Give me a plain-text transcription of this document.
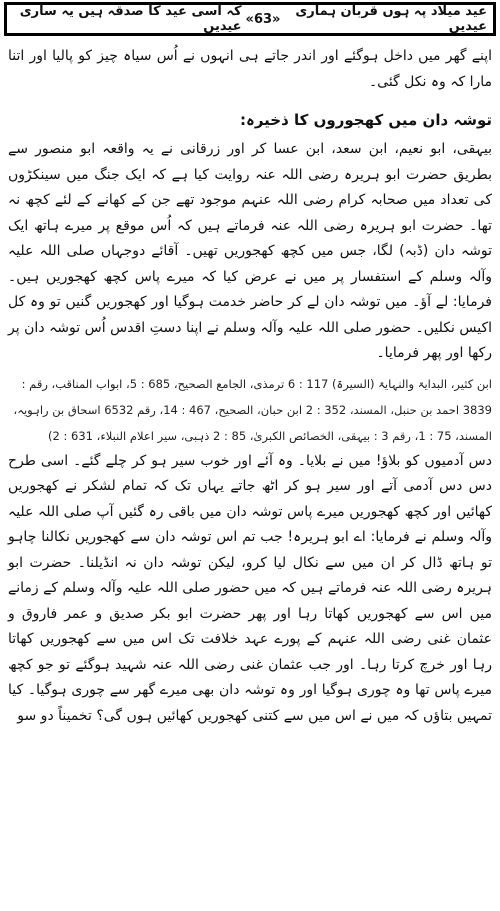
عید میلاد پہ ہوں قربان ہماری عیدیں
«63»
کہ اسی عید کا صدقہ ہیں یہ ساری عیدیں

اپنے گھر میں داخل ہوگئے اور اندر جاتے ہی انہوں نے اُس سیاہ چیز کو پالیا اور اتنا مارا کہ وہ نکل گئی۔

توشہ دان میں کھجوروں کا ذخیرہ:

بیہقی، ابو نعیم، ابن سعد، ابن عسا کر اور زرقانی نے یہ واقعہ ابو منصور سے بطریق حضرت ابو ہریرہ رضی اللہ عنہ روایت کیا ہے کہ ایک جنگ میں سینکڑوں کی تعداد میں صحابہ کرام رضی اللہ عنہم موجود تھے جن کے کھانے کے لئے کچھ نہ تھا۔ حضرت ابو ہریرہ رضی اللہ عنہ فرماتے ہیں کہ اُس موقع پر میرے ہاتھ ایک توشہ دان (ڈبہ) لگا، جس میں کچھ کھجوریں تھیں۔ آقائے دوجہاں صلی اللہ علیہ وآلہ وسلم کے استفسار پر میں نے عرض کیا کہ میرے پاس کچھ کھجوریں ہیں۔ فرمایا: لے آؤ۔ میں توشہ دان لے کر حاضر خدمت ہوگیا اور کھجوریں گنیں تو وہ کل اکیس نکلیں۔ حضور صلی اللہ علیہ وآلہ وسلم نے اپنا دستِ اقدس اُس توشہ دان پر رکھا اور پھر فرمایا۔

ابن کثیر، البدایۃ والنہایۃ (السیرۃ) 117 : 6 ترمذی، الجامع الصحیح، 685 : 5، ابواب المناقب، رقم :
3839 احمد بن حنبل، المسند، 352 : 2 ابن حبان، الصحیح، 467 : 14، رقم 6532 اسحاق بن راہویہ،
المسند، 75 : 1، رقم 3 : بیہقی، الخصائص الکبریٰ، 85 : 2 ذہبی، سیر اعلام النبلاء، 631 : 2)

دس آدمیوں کو بلاؤ! میں نے بلایا۔ وہ آئے اور خوب سیر ہو کر چلے گئے۔ اسی طرح دس دس آدمی آتے اور سیر ہو کر اٹھ جاتے یہاں تک کہ تمام لشکر نے کھجوریں کھائیں اور کچھ کھجوریں میرے پاس توشہ دان میں باقی رہ گئیں آپ صلی اللہ علیہ وآلہ وسلم نے فرمایا: اے ابو ہریرہ! جب تم اس توشہ دان سے کھجوریں نکالنا چاہو تو ہاتھ ڈال کر ان میں سے نکال لیا کرو، لیکن توشہ دان نہ انڈیلنا۔ حضرت ابو ہریرہ رضی اللہ عنہ فرماتے ہیں کہ میں حضور صلی اللہ علیہ وآلہ وسلم کے زمانے میں اس سے کھجوریں کھاتا رہا اور پھر حضرت ابو بکر صدیق و عمر فاروق و عثمان غنی رضی اللہ عنہم کے پورے عہد خلافت تک اس میں سے کھجوریں کھاتا رہا اور خرچ کرتا رہا۔ اور جب عثمان غنی رضی اللہ عنہ شہید ہوگئے تو جو کچھ میرے پاس تھا وہ چوری ہوگیا اور وہ توشہ دان بھی میرے گھر سے چوری ہوگیا۔ کیا تمہیں بتاؤں کہ میں نے اس میں سے کتنی کھجوریں کھائیں ہوں گی؟ تخمیناً دو سو
